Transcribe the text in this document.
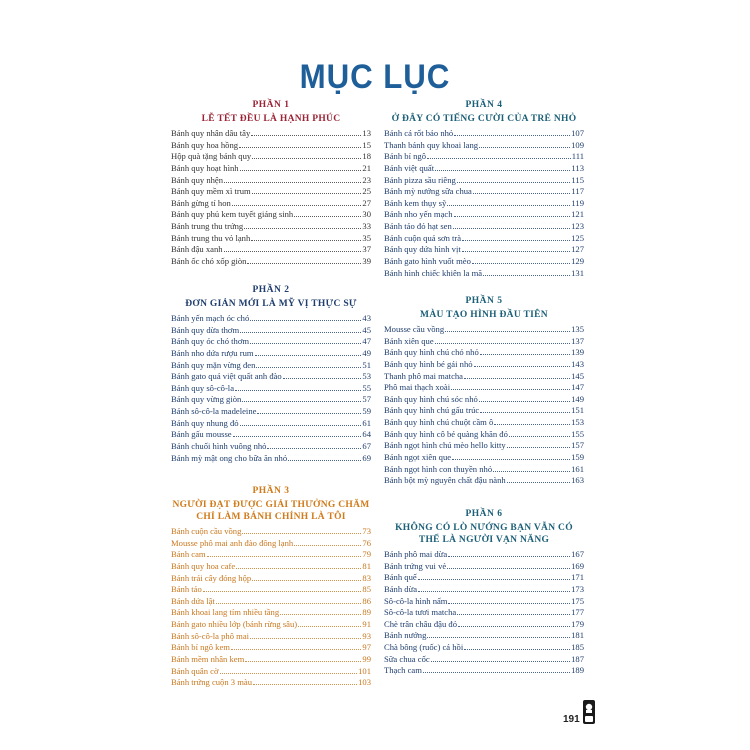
MỤC LỤC
PHẦN 1
LỄ TẾT ĐỀU LÀ HẠNH PHÚC
Bánh quy nhân dâu tây	13
Bánh quy hoa hồng	15
Hộp quà tặng bánh quy	18
Bánh quy hoạt hình	21
Bánh quy nhện	23
Bánh quy mềm xì trum	25
Bánh gừng tí hon	27
Bánh quy phủ kem tuyết giáng sinh	30
Bánh trung thu trứng	33
Bánh trung thu vỏ lạnh	35
Bánh đậu xanh	37
Bánh ốc chó xốp giòn	39
PHẦN 2
ĐƠN GIẢN MỚI LÀ MỸ VỊ THỰC SỰ
Bánh yến mạch óc chó	43
Bánh quy dừa thơm	45
Bánh quy óc chó thơm	47
Bánh nho dứa rượu rum	49
Bánh quy mặn vừng đen	51
Bánh gato quả việt quất anh đào	53
Bánh quy sô-cô-la	55
Bánh quy vừng giòn	57
Bánh sô-cô-la madeleine	59
Bánh quy nhung đỏ	61
Bánh gấu mousse	64
Bánh chuối hình vuông nhỏ	67
Bánh mỳ mật ong cho bữa ăn nhỏ	69
PHẦN 3
NGƯỜI ĐẠT ĐƯỢC GIẢI THƯỞNG CHĂM CHỈ LÀM BÁNH CHÍNH LÀ TÔI
Bánh cuộn cầu vồng	73
Mousse phô mai anh đào đông lạnh	76
Bánh cam	79
Bánh quy hoa cafe	81
Bánh trái cây đóng hộp	83
Bánh táo	85
Bánh dứa lật	86
Bánh khoai lang tím nhiều tầng	89
Bánh gato nhiều lớp (bánh rừng sâu)	91
Bánh sô-cô-la phô mai	93
Bánh bí ngô kem	97
Bánh mềm nhân kem	99
Bánh quân cờ	101
Bánh trứng cuộn 3 màu	103
PHẦN 4
Ở ĐÂY CÓ TIẾNG CƯỜI CỦA TRẺ NHỎ
Bánh cá rốt bảo nhỏ	107
Thanh bánh quy khoai lang	109
Bánh bí ngô	111
Bánh việt quất	113
Bánh pizza sầu riêng	115
Bánh mỳ nướng sữa chua	117
Bánh kem thụy sỹ	119
Bánh nho yến mạch	121
Bánh táo đỏ hạt sen	123
Bánh cuộn quả sơn trà	125
Bánh quy dứa hình vịt	127
Bánh gato hình vuốt mèo	129
Bánh hình chiếc khiên la mã	131
PHẦN 5
MÀU TẠO HÌNH ĐẦU TIÊN
Mousse cầu vồng	135
Bánh xiên que	137
Bánh quy hình chú chó nhỏ	139
Bánh quy hình bé gái nhỏ	143
Thanh phô mai matcha	145
Phô mai thạch xoài	147
Bánh quy hình chú sóc nhỏ	149
Bánh quy hình chú gấu trúc	151
Bánh quy hình chú chuột cầm ô	153
Bánh quy hình cô bé quàng khăn đỏ	155
Bánh ngọt hình chú mèo hello kitty	157
Bánh ngọt xiên que	159
Bánh ngọt hình con thuyền nhỏ	161
Bánh bột mỳ nguyên chất đậu nành	163
PHẦN 6
KHÔNG CÓ LÒ NƯỚNG BẠN VẪN CÓ THỂ LÀ NGƯỜI VẠN NĂNG
Bánh phô mai dừa	167
Bánh trứng vui vẻ	169
Bánh quế	171
Bánh dừa	173
Sô-cô-la hình nấm	175
Sô-cô-la tươi matcha	177
Chè trân châu đậu đỏ	179
Bánh nướng	181
Chà bông (ruốc) cá hồi	185
Sữa chua cốc	187
Thạch cam	189
191
